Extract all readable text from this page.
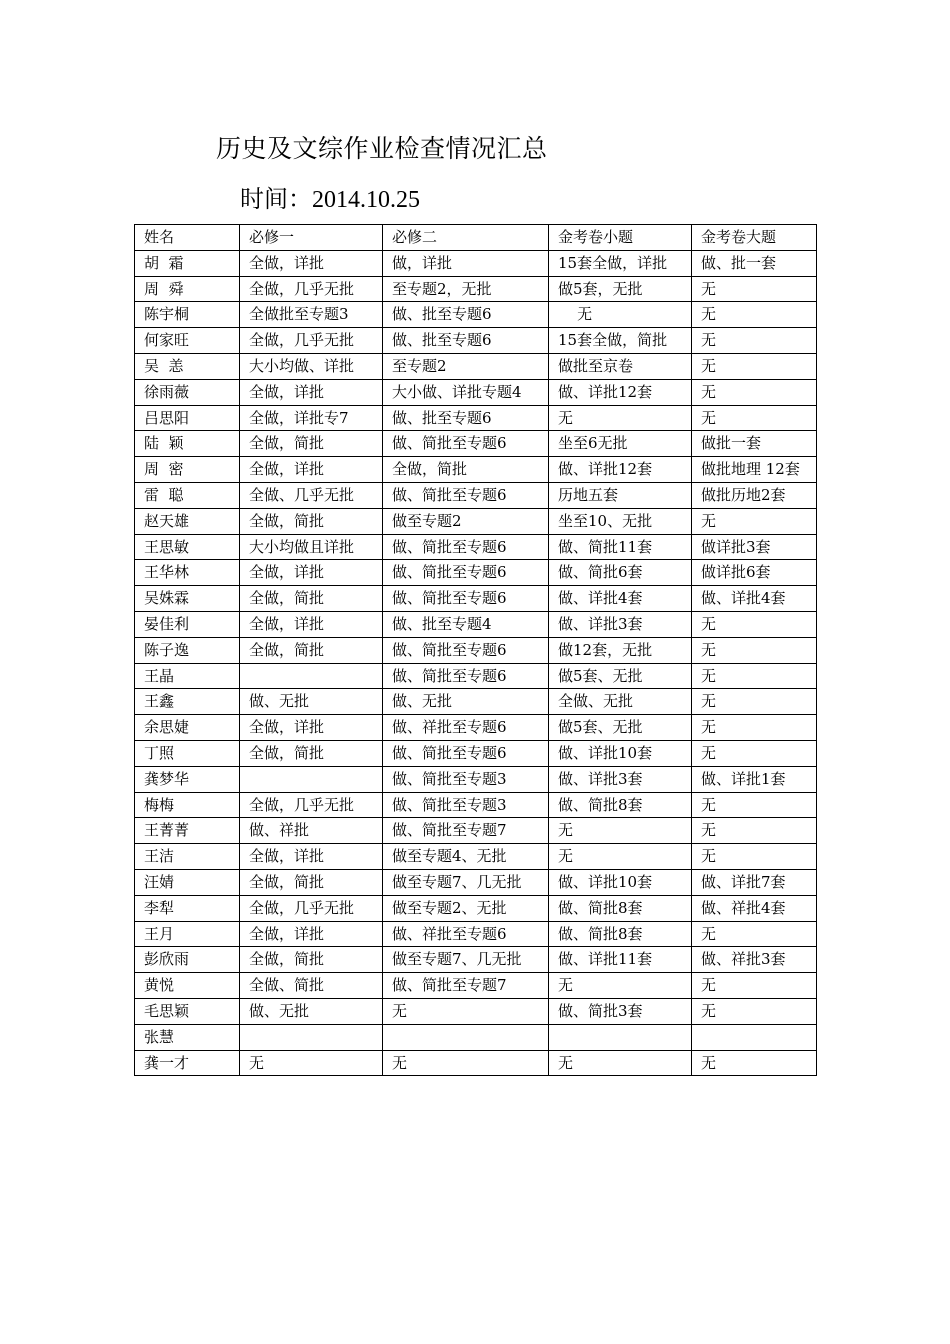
历史及文综作业检查情况汇总
时间：2014.10.25
姓名	必修一	必修二	金考卷小题	金考卷大题
胡  霜	全做，详批	做，详批	15套全做，详批	做、批一套
周  舜	全做，几乎无批	至专题2，无批	做5套，无批	无
陈宇桐	全做批至专题3	做、批至专题6	无	无
何家旺	全做，几乎无批	做、批至专题6	15套全做，简批	无
吴  恙	大小均做、详批	至专题2	做批至京卷	无
徐雨薇	全做，详批	大小做、详批专题4	做、详批12套	无
吕思阳	全做，详批专7	做、批至专题6	无	无
陆  颖	全做，简批	做、简批至专题6	坐至6无批	做批一套
周  密	全做，详批	全做，简批	做、详批12套	做批地理 12套
雷  聪	全做、几乎无批	做、简批至专题6	历地五套	做批历地2套
赵天雄	全做，简批	做至专题2	坐至10、无批	无
王思敏	大小均做且详批	做、简批至专题6	做、简批11套	做详批3套
王华林	全做，详批	做、简批至专题6	做、简批6套	做详批6套
吴姝霖	全做，简批	做、简批至专题6	做、详批4套	做、详批4套
晏佳利	全做，详批	做、批至专题4	做、详批3套	无
陈子逸	全做，简批	做、简批至专题6	做12套，无批	无
王晶		做、简批至专题6	做5套、无批	无
王鑫	做、无批	做、无批	全做、无批	无
余思婕	全做，详批	做、祥批至专题6	做5套、无批	无
丁照	全做，简批	做、简批至专题6	做、详批10套	无
龚梦华		做、简批至专题3	做、详批3套	做、详批1套
梅梅	全做，几乎无批	做、简批至专题3	做、简批8套	无
王菁菁	做、祥批	做、简批至专题7	无	无
王洁	全做，详批	做至专题4、无批	无	无
汪婧	全做，简批	做至专题7、几无批	做、详批10套	做、详批7套
李犁	全做，几乎无批	做至专题2、无批	做、简批8套	做、祥批4套
王月	全做，详批	做、祥批至专题6	做、简批8套	无
彭欣雨	全做，简批	做至专题7、几无批	做、详批11套	做、祥批3套
黄悦	全做、简批	做、简批至专题7	无	无
毛思颖	做、无批	无	做、简批3套	无
张慧				
龚一才	无	无	无	无
